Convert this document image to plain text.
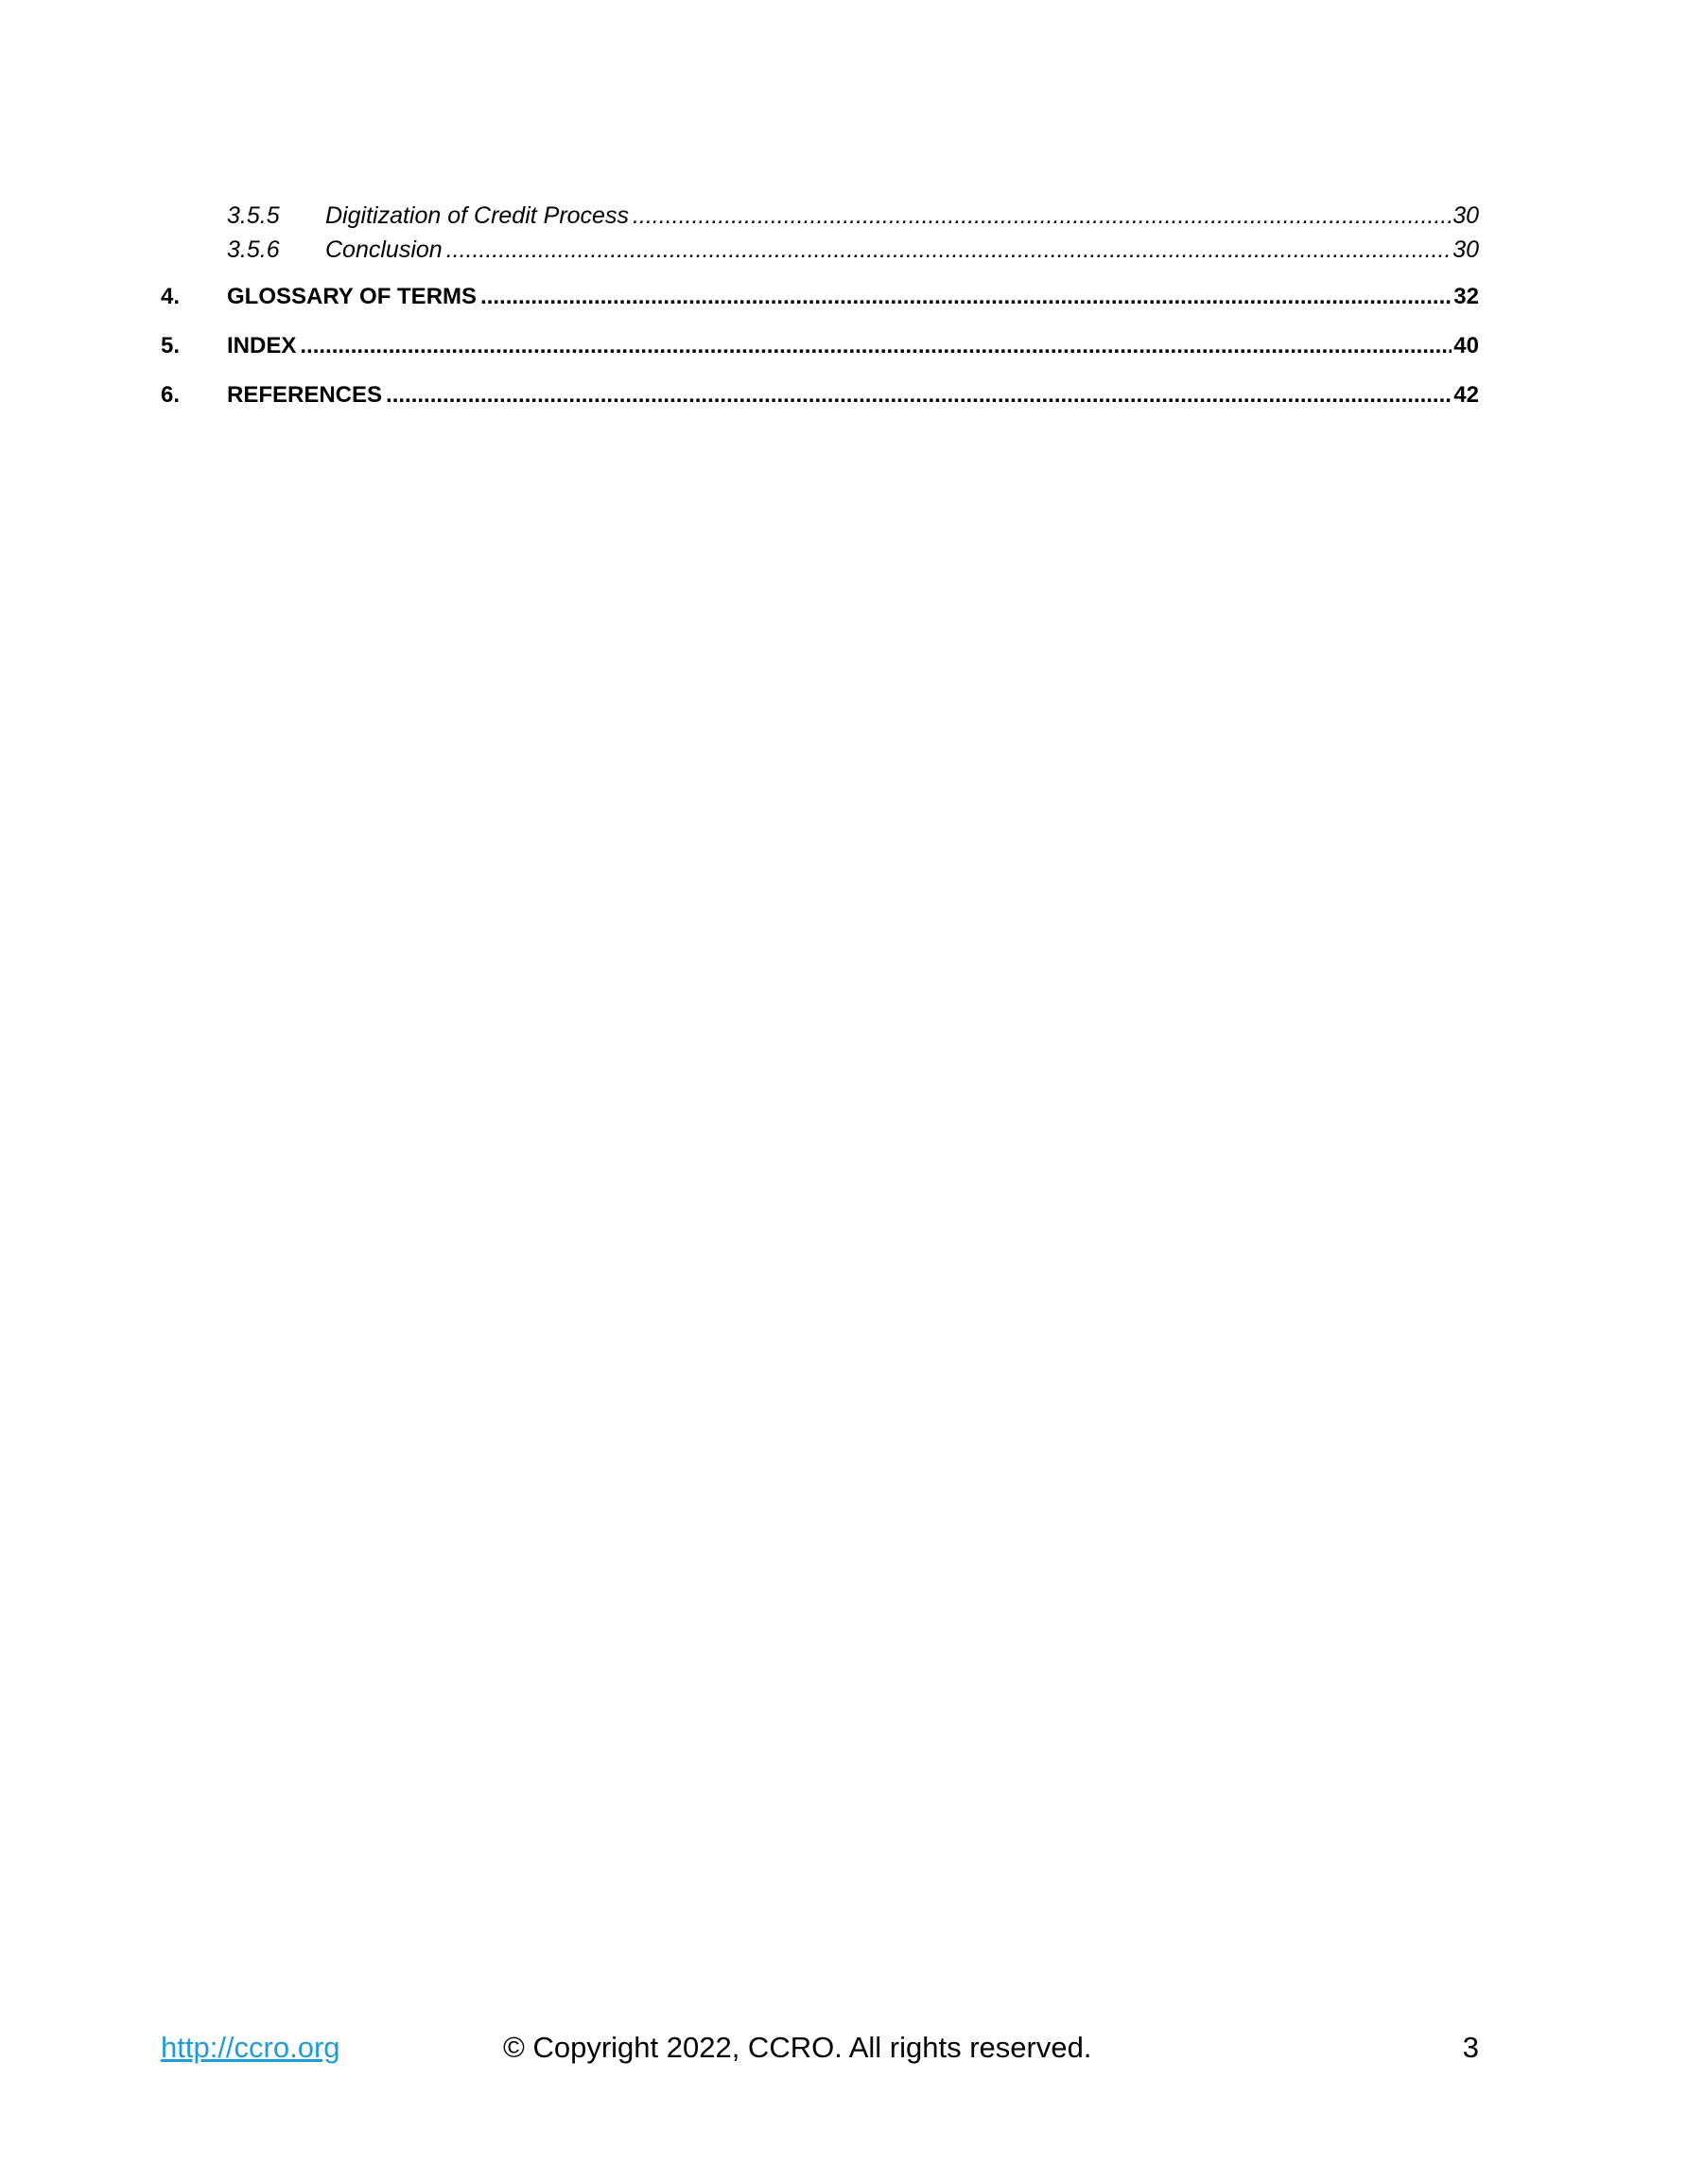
3.5.5	Digitization of Credit Process .....	30
3.5.6	Conclusion .....	30
4.	GLOSSARY OF TERMS .....	32
5.	INDEX .....	40
6.	REFERENCES .....	42
http://ccro.org	© Copyright 2022, CCRO. All rights reserved.	3
